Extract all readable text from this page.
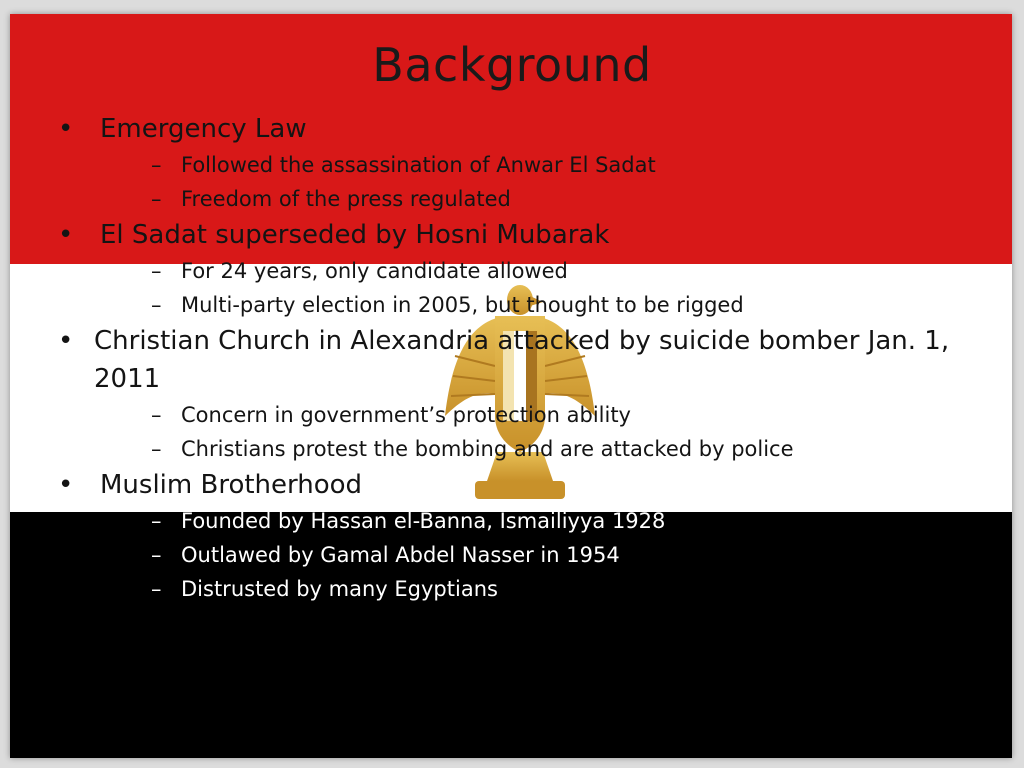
Background
• Emergency Law
– Followed the assassination of Anwar El Sadat
– Freedom of the press regulated
• El Sadat superseded by Hosni Mubarak
– For 24 years, only candidate allowed
– Multi-party election in 2005, but thought to be rigged
• Christian Church in Alexandria attacked by suicide bomber Jan. 1, 2011
– Concern in government’s protection ability
– Christians protest the bombing and are attacked by police
• Muslim Brotherhood
– Founded by Hassan el-Banna, Ismailiyya 1928
– Outlawed by Gamal Abdel Nasser in 1954
– Distrusted by many Egyptians
